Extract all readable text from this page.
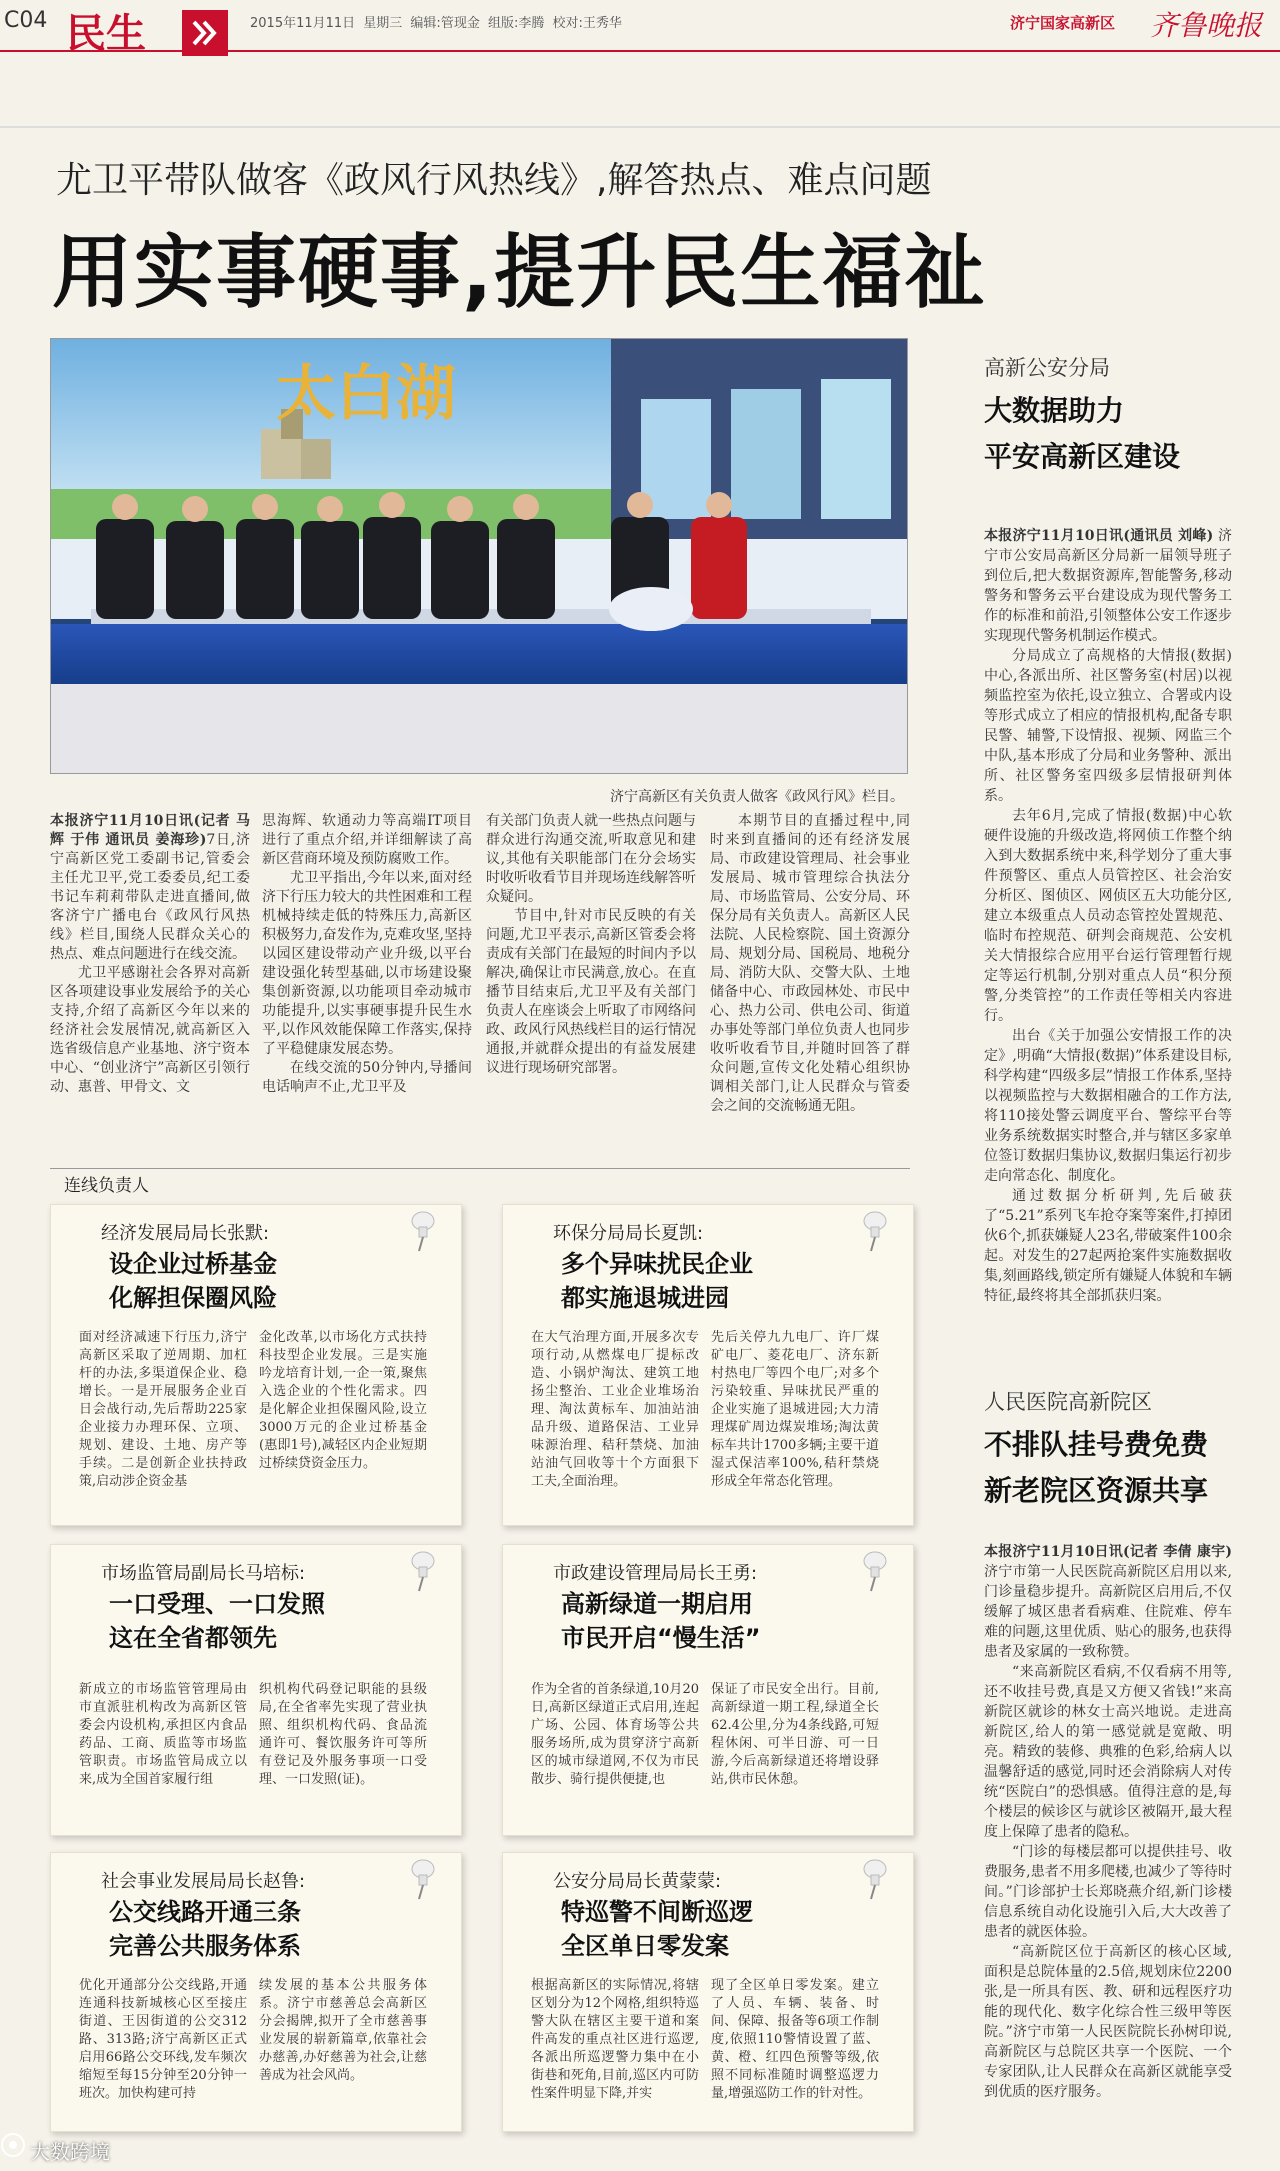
C04 民生	2015年11月11日 星期三 编辑:管现金 组版:李腾 校对:王秀华	济宁国家高新区 齐鲁晚报
尤卫平带队做客《政风行风热线》,解答热点、难点问题
用实事硬事,提升民生福祉
太白湖
济宁高新区有关负责人做客《政风行风》栏目。
本报济宁11月10日讯(记者 马辉 于伟 通讯员 姜海珍)7日,济宁高新区党工委副书记,管委会主任尤卫平,党工委委员,纪工委书记车莉莉带队走进直播间,做客济宁广播电台《政风行风热线》栏目,围绕人民群众关心的热点、难点问题进行在线交流。

尤卫平感谢社会各界对高新区各项建设事业发展给予的关心支持,介绍了高新区今年以来的经济社会发展情况,就高新区入选省级信息产业基地、济宁资本中心、“创业济宁”高新区引领行动、惠普、甲骨文、文
思海辉、软通动力等高端IT项目进行了重点介绍,并详细解读了高新区营商环境及预防腐败工作。
尤卫平指出,今年以来,面对经济下行压力较大的共性困难和工程机械持续走低的特殊压力,高新区积极努力,奋发作为,克难攻坚,坚持以园区建设带动产业升级,以平台建设强化转型基础,以市场建设聚集创新资源,以功能项目牵动城市功能提升,以实事硬事提升民生水平,以作风效能保障工作落实,保持了平稳健康发展态势。
在线交流的50分钟内,导播间电话响声不止,尤卫平及
有关部门负责人就一些热点问题与群众进行沟通交流,听取意见和建议,其他有关职能部门在分会场实时收听收看节目并现场连线解答听众疑问。
节目中,针对市民反映的有关问题,尤卫平表示,高新区管委会将责成有关部门在最短的时间内予以解决,确保让市民满意,放心。在直播节目结束后,尤卫平及有关部门负责人在座谈会上听取了市网络问政、政风行风热线栏目的运行情况通报,并就群众提出的有益发展建议进行现场研究部署。
本期节目的直播过程中,同时来到直播间的还有经济发展局、市政建设管理局、社会事业发展局、城市管理综合执法分局、市场监管局、公安分局、环保分局有关负责人。高新区人民法院、人民检察院、国土资源分局、规划分局、国税局、地税分局、消防大队、交警大队、土地储备中心、市政园林处、市民中心、热力公司、供电公司、街道办事处等部门单位负责人也同步收听收看节目,并随时回答了群众问题,宣传文化处精心组织协调相关部门,让人民群众与管委会之间的交流畅通无阻。
高新公安分局
大数据助力
平安高新区建设
本报济宁11月10日讯(通讯员 刘峰) 济宁市公安局高新区分局新一届领导班子到位后,把大数据资源库,智能警务,移动警务和警务云平台建设成为现代警务工作的标准和前沿,引领整体公安工作逐步实现现代警务机制运作模式。
分局成立了高规格的大情报(数据)中心,各派出所、社区警务室(村居)以视频监控室为依托,设立独立、合署或内设等形式成立了相应的情报机构,配备专职民警、辅警,下设情报、视频、网监三个中队,基本形成了分局和业务警种、派出所、社区警务室四级多层情报研判体系。
去年6月,完成了情报(数据)中心软硬件设施的升级改造,将网侦工作整个纳入到大数据系统中来,科学划分了重大事件预警区、重点人员管控区、社会治安分析区、图侦区、网侦区五大功能分区,建立本级重点人员动态管控处置规范、临时布控规范、研判会商规范、公安机关大情报综合应用平台运行管理暂行规定等运行机制,分别对重点人员“积分预警,分类管控”的工作责任等相关内容进行。
出台《关于加强公安情报工作的决定》,明确“大情报(数据)”体系建设目标,科学构建“四级多层”情报工作体系,坚持以视频监控与大数据相融合的工作方法,将110接处警云调度平台、警综平台等业务系统数据实时整合,并与辖区多家单位签订数据归集协议,数据归集运行初步走向常态化、制度化。
通过数据分析研判,先后破获了“5.21”系列飞车抢夺案等案件,打掉团伙6个,抓获嫌疑人23名,带破案件100余起。对发生的27起两抢案件实施数据收集,刻画路线,锁定所有嫌疑人体貌和车辆特征,最终将其全部抓获归案。
人民医院高新院区
不排队挂号费免费
新老院区资源共享
本报济宁11月10日讯(记者 李倩 康宇) 济宁市第一人民医院高新院区启用以来,门诊量稳步提升。高新院区启用后,不仅缓解了城区患者看病难、住院难、停车难的问题,这里优质、贴心的服务,也获得患者及家属的一致称赞。
“来高新院区看病,不仅看病不用等,还不收挂号费,真是又方便又省钱!”来高新院区就诊的林女士高兴地说。走进高新院区,给人的第一感觉就是宽敞、明亮。精致的装修、典雅的色彩,给病人以温馨舒适的感觉,同时还会消除病人对传统“医院白”的恐惧感。值得注意的是,每个楼层的候诊区与就诊区被隔开,最大程度上保障了患者的隐私。
“门诊的每楼层都可以提供挂号、收费服务,患者不用多爬楼,也减少了等待时间。”门诊部护士长郑晓燕介绍,新门诊楼信息系统自动化设施引入后,大大改善了患者的就医体验。
“高新院区位于高新区的核心区域,面积是总院体量的2.5倍,规划床位2200张,是一所具有医、教、研和远程医疗功能的现代化、数字化综合性三级甲等医院。”济宁市第一人民医院院长孙树印说,高新院区与总院区共享一个医院、一个专家团队,让人民群众在高新区就能享受到优质的医疗服务。
连线负责人
经济发展局局长张默:
设企业过桥基金
化解担保圈风险
面对经济减速下行压力,济宁高新区采取了逆周期、加杠杆的办法,多渠道保企业、稳增长。一是开展服务企业百日会战行动,先后帮助225家企业接力办理环保、立项、规划、建设、土地、房产等手续。二是创新企业扶持政策,启动涉企资金基
金化改革,以市场化方式扶持科技型企业发展。三是实施吟龙培育计划,一企一策,聚焦入选企业的个性化需求。四是化解企业担保圈风险,设立3000万元的企业过桥基金(惠即1号),减轻区内企业短期过桥续贷资金压力。
环保分局局长夏凯:
多个异味扰民企业
都实施退城进园
在大气治理方面,开展多次专项行动,从燃煤电厂提标改造、小锅炉淘汰、建筑工地扬尘整治、工业企业堆场治理、淘汰黄标车、加油站油品升级、道路保洁、工业异味源治理、秸秆禁烧、加油站油气回收等十个方面狠下工夫,全面治理。
先后关停九九电厂、许厂煤矿电厂、菱花电厂、济东新村热电厂等四个电厂;对多个污染较重、异味扰民严重的企业实施了退城进园;大力清理煤矿周边煤炭堆场;淘汰黄标车共计1700多辆;主要干道湿式保洁率100%,秸秆禁烧形成全年常态化管理。
市场监管局副局长马培标:
一口受理、一口发照
这在全省都领先
新成立的市场监管管理局由市直派驻机构改为高新区管委会内设机构,承担区内食品药品、工商、质监等市场监管职责。市场监管局成立以来,成为全国首家履行组
织机构代码登记职能的县级局,在全省率先实现了营业执照、组织机构代码、食品流通许可、餐饮服务许可等所有登记及外服务事项一口受理、一口发照(证)。
市政建设管理局局长王勇:
高新绿道一期启用
市民开启“慢生活”
作为全省的首条绿道,10月20日,高新区绿道正式启用,连起广场、公园、体育场等公共服务场所,成为贯穿济宁高新区的城市绿道网,不仅为市民散步、骑行提供便捷,也
保证了市民安全出行。目前,高新绿道一期工程,绿道全长62.4公里,分为4条线路,可短程休闲、可半日游、可一日游,今后高新绿道还将增设驿站,供市民休憩。
社会事业发展局局长赵鲁:
公交线路开通三条
完善公共服务体系
优化开通部分公交线路,开通连通科技新城核心区至接庄街道、王因街道的公交312路、313路;济宁高新区正式启用66路公交环线,发车频次缩短至每15分钟至20分钟一班次。加快构建可持
续发展的基本公共服务体系。济宁市慈善总会高新区分会揭牌,拟开了全市慈善事业发展的崭新篇章,依靠社会办慈善,办好慈善为社会,让慈善成为社会风尚。
公安分局局长黄蒙蒙:
特巡警不间断巡逻
全区单日零发案
根据高新区的实际情况,将辖区划分为12个网格,组织特巡警大队在辖区主要干道和案件高发的重点社区进行巡逻,各派出所巡逻警力集中在小街巷和死角,目前,巡区内可防性案件明显下降,并实
现了全区单日零发案。建立了人员、车辆、装备、时间、保障、报备等6项工作制度,依照110警情设置了蓝、黄、橙、红四色预警等级,依照不同标准随时调整巡逻力量,增强巡防工作的针对性。
大数跨境
